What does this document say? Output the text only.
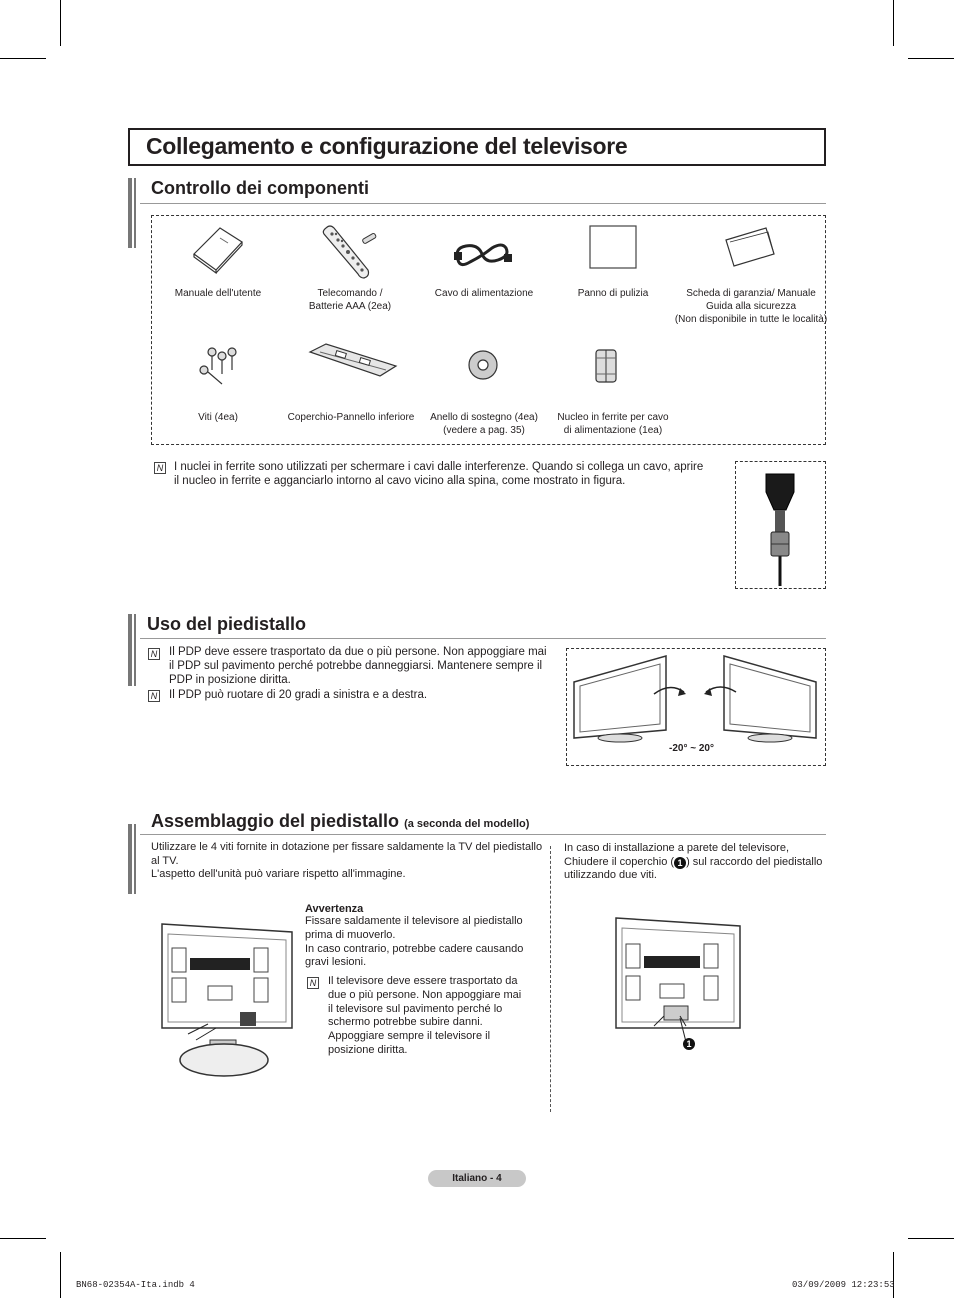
Collegamento e configurazione del televisore
Controllo dei componenti
Manuale dell'utente	Telecomando /
Batterie AAA (2ea)
Cavo di alimentazione	Panno di pulizia	Scheda di garanzia/ Manuale
Guida alla sicurezza
(Non disponibile in tutte le località)
Viti (4ea)	Coperchio-Pannello inferiore	Anello di sostegno (4ea)
(vedere a pag. 35)
Nucleo in ferrite per cavo
di alimentazione (1ea)
N I nuclei in ferrite sono utilizzati per schermare i cavi dalle interferenze. Quando si collega un cavo, aprire
il nucleo in ferrite e agganciarlo intorno al cavo vicino alla spina, come mostrato in figura.
Uso del piedistallo
N Il PDP deve essere trasportato da due o più persone. Non appoggiare mai
il PDP sul pavimento perché potrebbe danneggiarsi. Mantenere sempre il
PDP in posizione diritta.
N Il PDP può ruotare di 20 gradi a sinistra e a destra.
-20° ~ 20°
Assemblaggio del piedistallo (a seconda del modello)
Utilizzare le 4 viti fornite in dotazione per fissare saldamente la TV del piedistallo
al TV.
L'aspetto dell'unità può variare rispetto all'immagine.
In caso di installazione a parete del televisore,
Chiudere il coperchio ( 1 ) sul raccordo del piedistallo
utilizzando due viti.
Avvertenza
Fissare saldamente il televisore al piedistallo
prima di muoverlo.
In caso contrario, potrebbe cadere causando
gravi lesioni.
N Il televisore deve essere trasportato da
due o più persone. Non appoggiare mai
il televisore sul pavimento perché lo
schermo potrebbe subire danni.
Appoggiare sempre il televisore il
posizione diritta.	1
Italiano - 4
BN68-02354A-Ita.indb 4	03/09/2009 12:23:53
